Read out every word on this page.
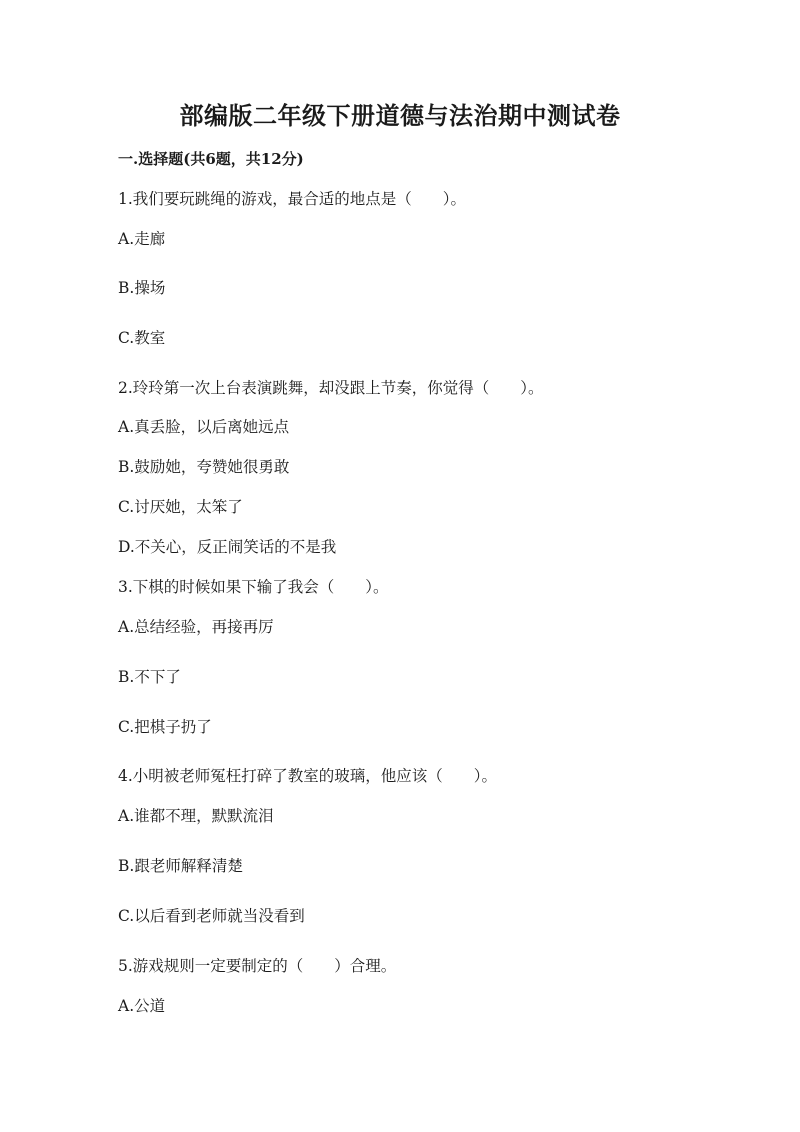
部编版二年级下册道德与法治期中测试卷
一.选择题(共6题，共12分)
1.我们要玩跳绳的游戏，最合适的地点是（　　）。
A.走廊
B.操场
C.教室
2.玲玲第一次上台表演跳舞，却没跟上节奏，你觉得（　　）。
A.真丢脸，以后离她远点
B.鼓励她，夸赞她很勇敢
C.讨厌她，太笨了
D.不关心，反正闹笑话的不是我
3.下棋的时候如果下输了我会（　　）。
A.总结经验，再接再厉
B.不下了
C.把棋子扔了
4.小明被老师冤枉打碎了教室的玻璃，他应该（　　）。
A.谁都不理，默默流泪
B.跟老师解释清楚
C.以后看到老师就当没看到
5.游戏规则一定要制定的（　　）合理。
A.公道
